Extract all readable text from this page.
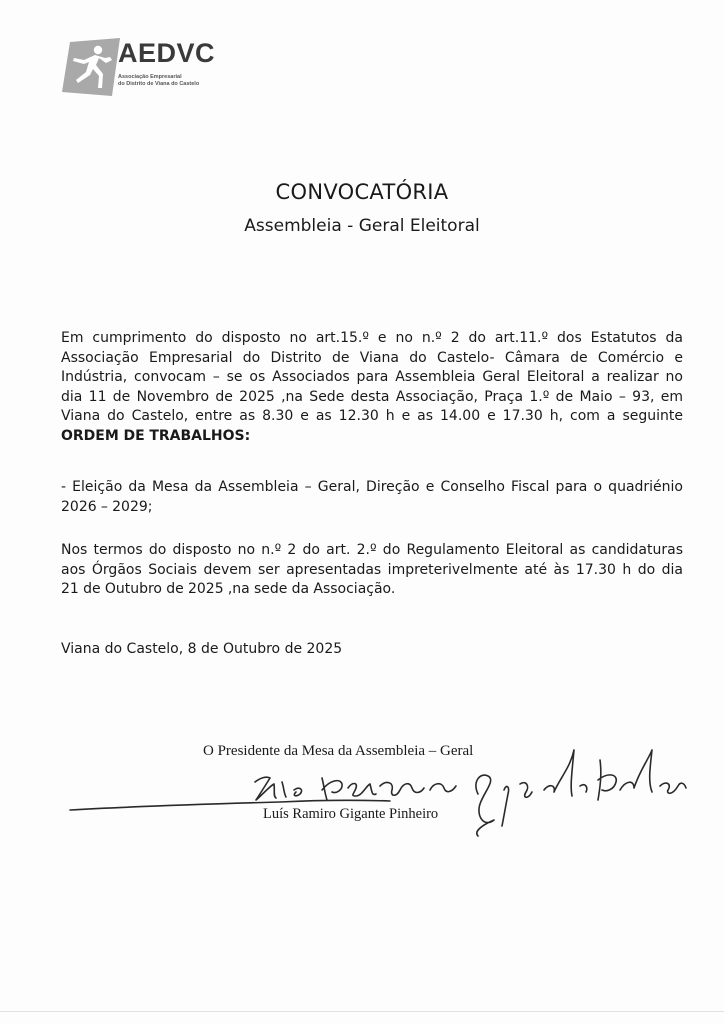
AEDVC
Associação Empresarial
do Distrito de Viana do Castelo
CONVOCATÓRIA
Assembleia - Geral Eleitoral
Em cumprimento do disposto no art.15.º e no n.º 2 do art.11.º dos Estatutos da
Associação Empresarial do Distrito de Viana do Castelo- Câmara de Comércio e
Indústria, convocam – se os Associados para Assembleia Geral Eleitoral a realizar no
dia 11 de Novembro de 2025 ,na Sede desta Associação, Praça 1.º de Maio – 93, em
Viana do Castelo, entre as 8.30 e as 12.30 h e as 14.00 e 17.30 h, com a seguinte
ORDEM DE TRABALHOS:
- Eleição da Mesa da Assembleia – Geral, Direção e Conselho Fiscal para o quadriénio
2026 – 2029;
Nos termos do disposto no n.º 2 do art. 2.º do Regulamento Eleitoral as candidaturas
aos Órgãos Sociais devem ser apresentadas impreterivelmente até às 17.30 h do dia
21 de Outubro de 2025 ,na sede da Associação.
Viana do Castelo, 8 de Outubro de 2025
O Presidente da Mesa da Assembleia – Geral
Luís Ramiro Gigante Pinheiro
